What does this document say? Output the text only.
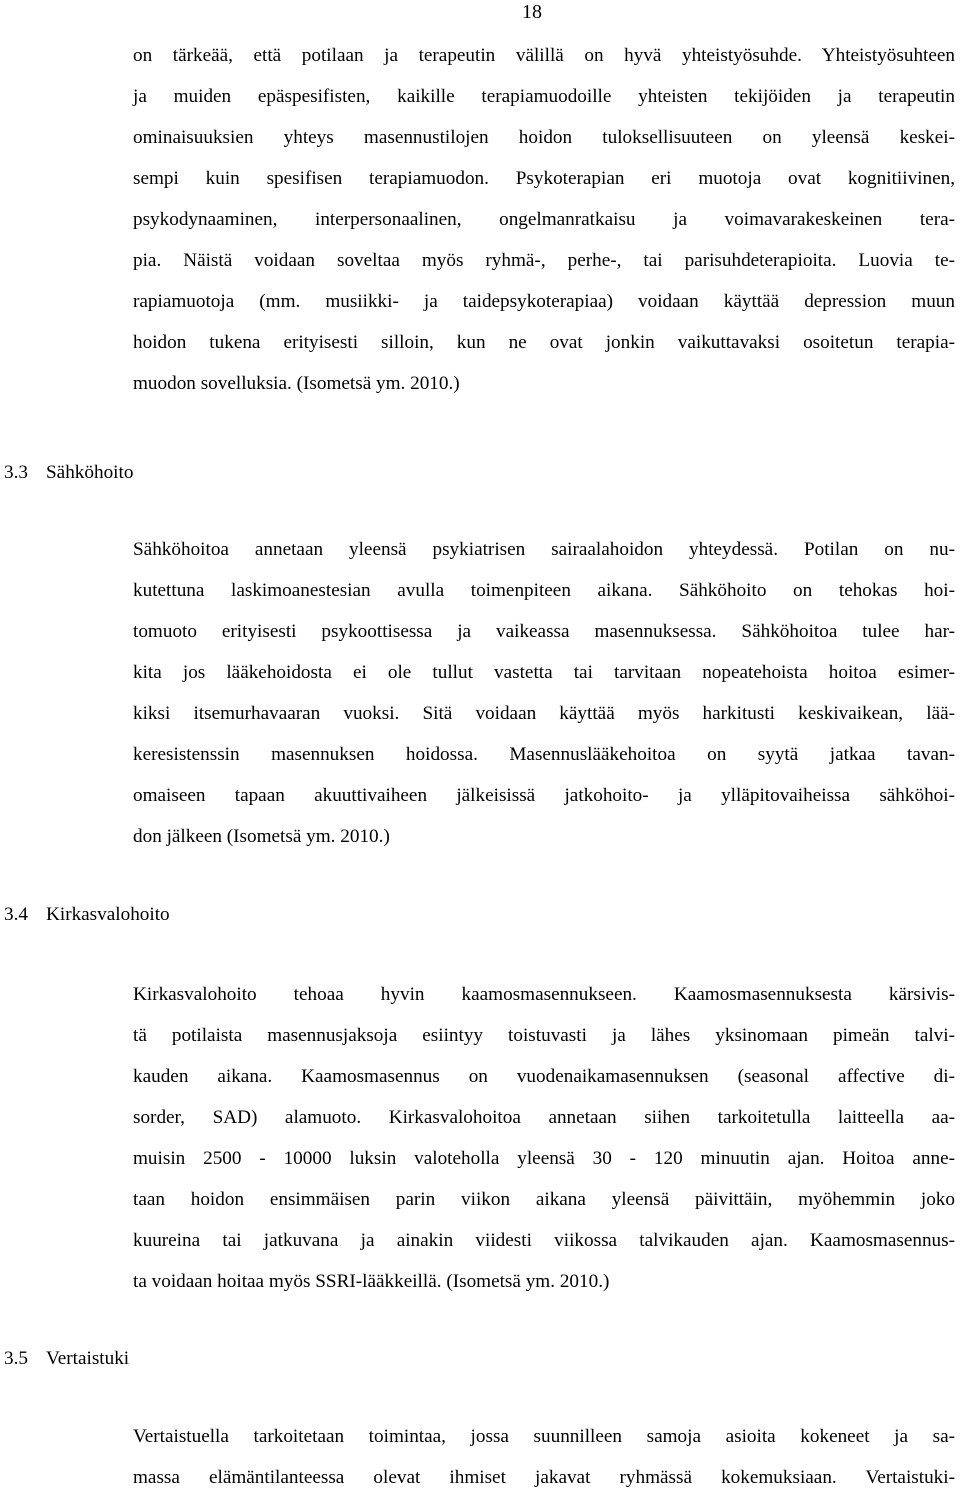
18
on tärkeää, että potilaan ja terapeutin välillä on hyvä yhteistyösuhde. Yhteistyösuhteen
ja muiden epäspesifisten, kaikille terapiamuodoille yhteisten tekijöiden ja terapeutin
ominaisuuksien yhteys masennustilojen hoidon tuloksellisuuteen on yleensä keskei-
sempi kuin spesifisen terapiamuodon. Psykoterapian eri muotoja ovat kognitiivinen,
psykodynaaminen, interpersonaalinen, ongelmanratkaisu ja voimavarakeskeinen tera-
pia. Näistä voidaan soveltaa myös ryhmä-, perhe-, tai parisuhdeterapioita. Luovia te-
rapiamuotoja (mm. musiikki- ja taidepsykoterapiaa) voidaan käyttää depression muun
hoidon tukena erityisesti silloin, kun ne ovat jonkin vaikuttavaksi osoitetun terapia-
muodon sovelluksia. (Isometsä ym. 2010.)
3.3 Sähköhoito
Sähköhoitoa annetaan yleensä psykiatrisen sairaalahoidon yhteydessä. Potilan on nu-
kutettuna laskimoanestesian avulla toimenpiteen aikana. Sähköhoito on tehokas hoi-
tomuoto erityisesti psykoottisessa ja vaikeassa masennuksessa. Sähköhoitoa tulee har-
kita jos lääkehoidosta ei ole tullut vastetta tai tarvitaan nopeatehoista hoitoa esimer-
kiksi itsemurhavaaran vuoksi. Sitä voidaan käyttää myös harkitusti keskivaikean, lää-
keresistenssin masennuksen hoidossa. Masennuslääkehoitoa on syytä jatkaa tavan-
omaiseen tapaan akuuttivaiheen jälkeisissä jatkohoito- ja ylläpitovaiheissa sähköhoi-
don jälkeen (Isometsä ym. 2010.)
3.4 Kirkasvalohoito
Kirkasvalohoito tehoaa hyvin kaamosmasennukseen. Kaamosmasennuksesta kärsivis-
tä potilaista masennusjaksoja esiintyy toistuvasti ja lähes yksinomaan pimeän talvi-
kauden aikana. Kaamosmasennus on vuodenaikamasennuksen (seasonal affective di-
sorder, SAD) alamuoto. Kirkasvalohoitoa annetaan siihen tarkoitetulla laitteella aa-
muisin 2500 - 10000 luksin valoteholla yleensä 30 - 120 minuutin ajan. Hoitoa anne-
taan hoidon ensimmäisen parin viikon aikana yleensä päivittäin, myöhemmin joko
kuureina tai jatkuvana ja ainakin viidesti viikossa talvikauden ajan. Kaamosmasennus-
ta voidaan hoitaa myös SSRI-lääkkeillä. (Isometsä ym. 2010.)
3.5 Vertaistuki
Vertaistuella tarkoitetaan toimintaa, jossa suunnilleen samoja asioita kokeneet ja sa-
massa elämäntilanteessa olevat ihmiset jakavat ryhmässä kokemuksiaan. Vertaistuki-
